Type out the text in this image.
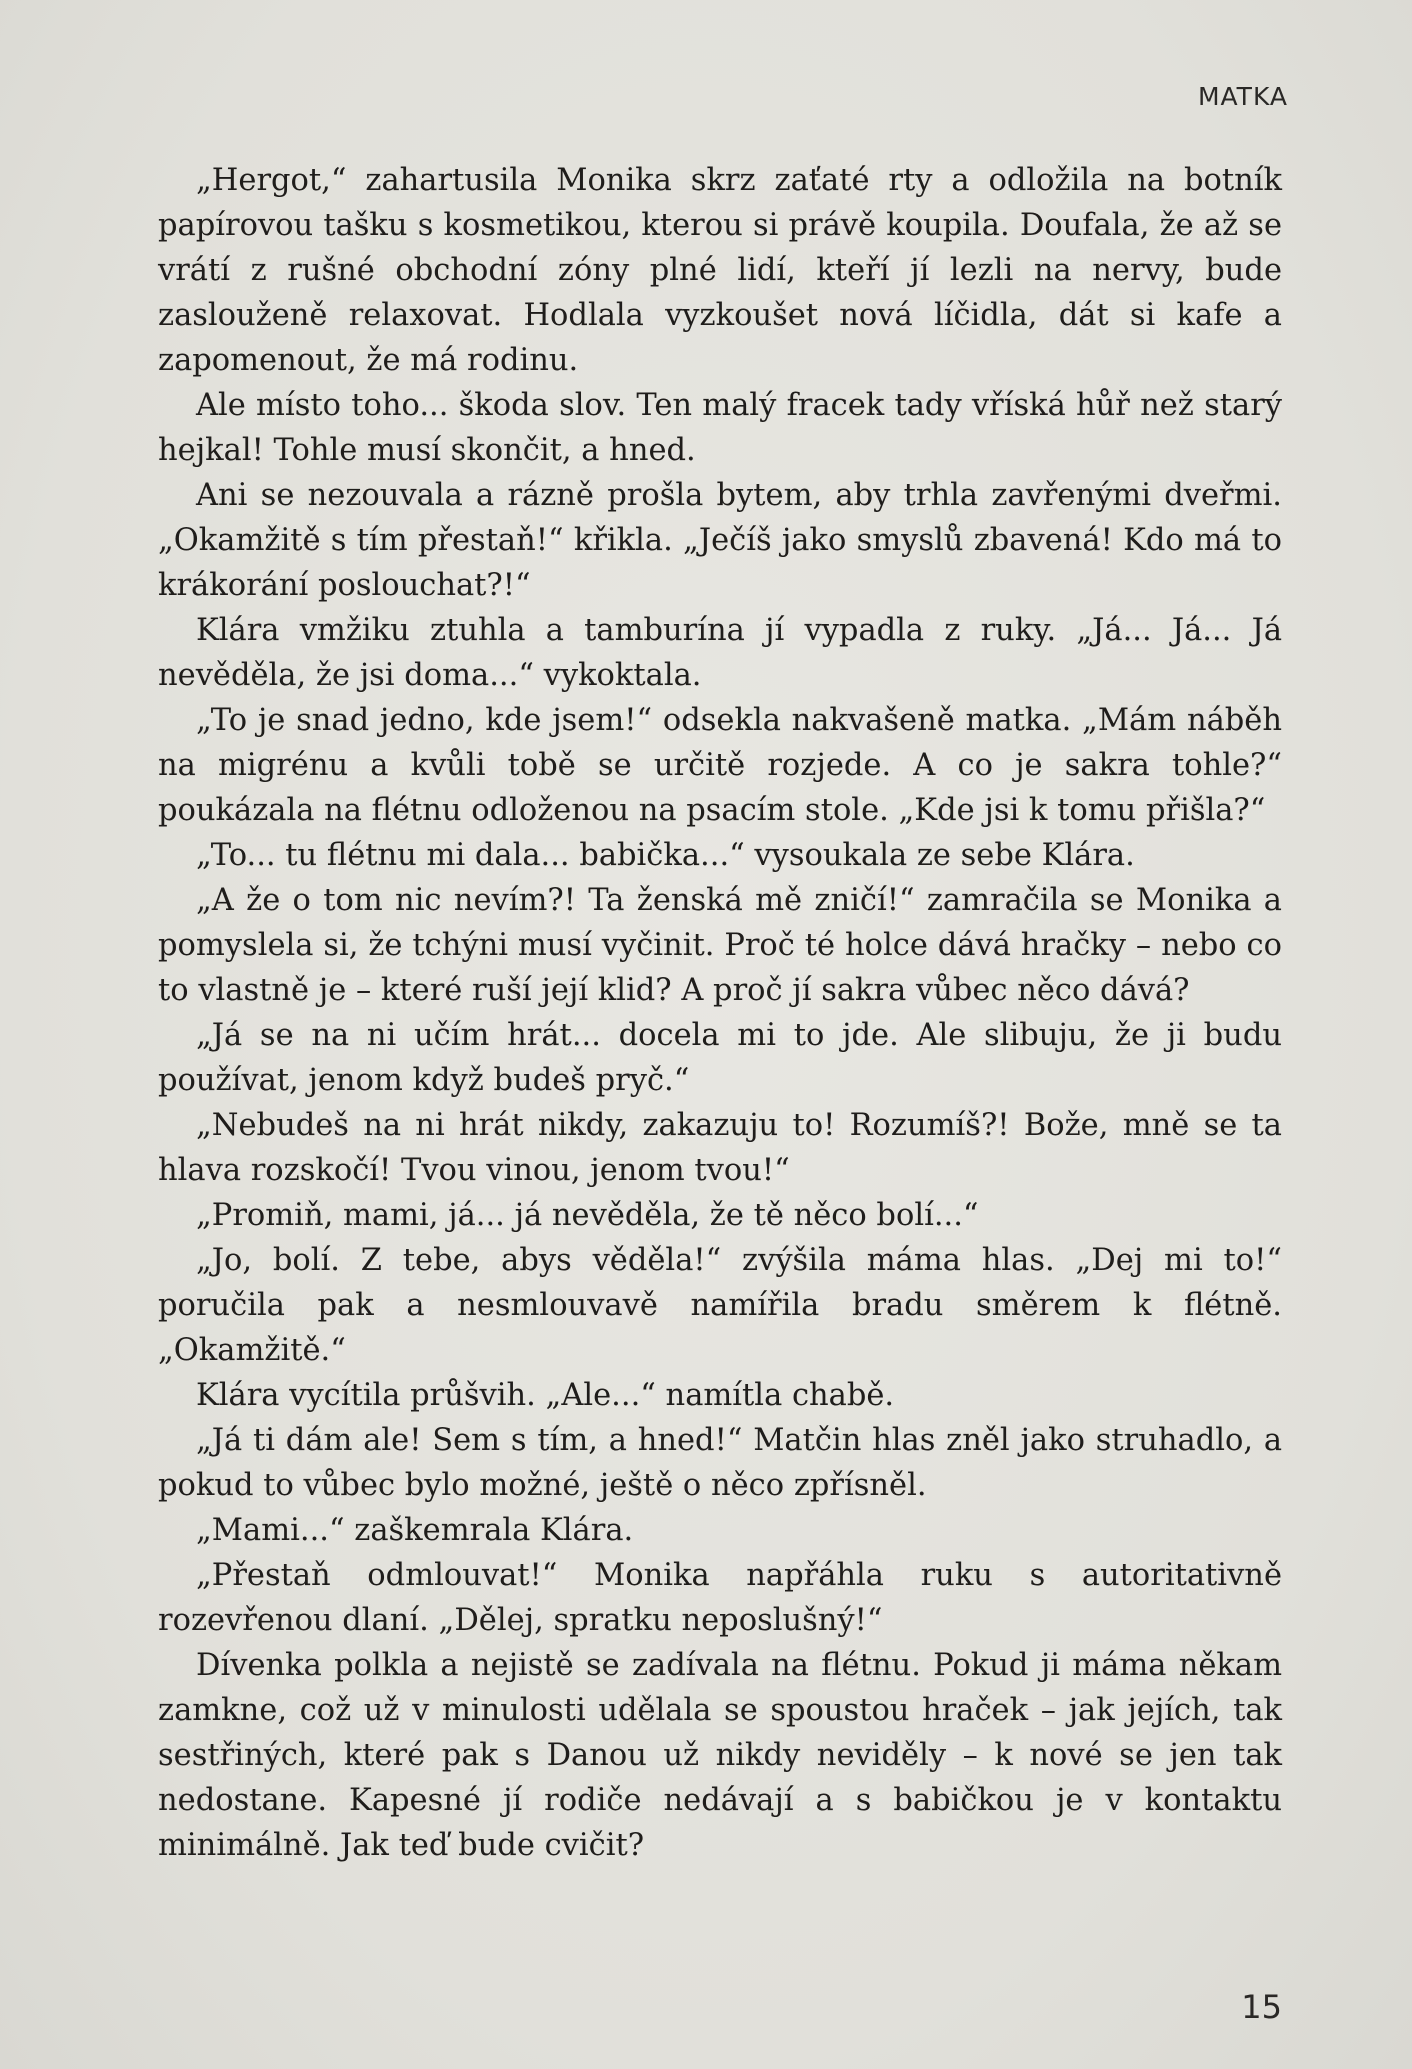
MATKA

„Hergot,“ zahartusila Monika skrz zaťaté rty a odložila na botník papírovou tašku s kosmetikou, kterou si právě koupila. Doufala, že až se vrátí z rušné obchodní zóny plné lidí, kteří jí lezli na nervy, bude zaslouženě relaxovat. Hodlala vyzkoušet nová líčidla, dát si kafe a zapomenout, že má rodinu.

Ale místo toho... škoda slov. Ten malý fracek tady vříská hůř než starý hejkal! Tohle musí skončit, a hned.

Ani se nezouvala a rázně prošla bytem, aby trhla zavřenými dveřmi. „Okamžitě s tím přestaň!“ křikla. „Ječíš jako smyslů zbavená! Kdo má to krákorání poslouchat?!“

Klára vmžiku ztuhla a tamburína jí vypadla z ruky. „Já... Já... Já nevěděla, že jsi doma...“ vykoktala.

„To je snad jedno, kde jsem!“ odsekla nakvašeně matka. „Mám náběh na migrénu a kvůli tobě se určitě rozjede. A co je sakra tohle?“ poukázala na flétnu odloženou na psacím stole. „Kde jsi k tomu přišla?“

„To... tu flétnu mi dala... babička...“ vysoukala ze sebe Klára.

„A že o tom nic nevím?! Ta ženská mě zničí!“ zamračila se Monika a pomyslela si, že tchýni musí vyčinit. Proč té holce dává hračky – nebo co to vlastně je – které ruší její klid? A proč jí sakra vůbec něco dává?

„Já se na ni učím hrát... docela mi to jde. Ale slibuju, že ji budu používat, jenom když budeš pryč.“

„Nebudeš na ni hrát nikdy, zakazuju to! Rozumíš?! Bože, mně se ta hlava rozskočí! Tvou vinou, jenom tvou!“

„Promiň, mami, já... já nevěděla, že tě něco bolí...“

„Jo, bolí. Z tebe, abys věděla!“ zvýšila máma hlas. „Dej mi to!“ poručila pak a nesmlouvavě namířila bradu směrem k flétně. „Okamžitě.“

Klára vycítila průšvih. „Ale...“ namítla chabě.

„Já ti dám ale! Sem s tím, a hned!“ Matčin hlas zněl jako struhadlo, a pokud to vůbec bylo možné, ještě o něco zpřísněl.

„Mami...“ zaškemrala Klára.

„Přestaň odmlouvat!“ Monika napřáhla ruku s autoritativně rozevřenou dlaní. „Dělej, spratku neposlušný!“

Dívenka polkla a nejistě se zadívala na flétnu. Pokud ji máma někam zamkne, což už v minulosti udělala se spoustou hraček – jak jejích, tak sestřiných, které pak s Danou už nikdy neviděly – k nové se jen tak nedostane. Kapesné jí rodiče nedávají a s babičkou je v kontaktu minimálně. Jak teď bude cvičit?

15
